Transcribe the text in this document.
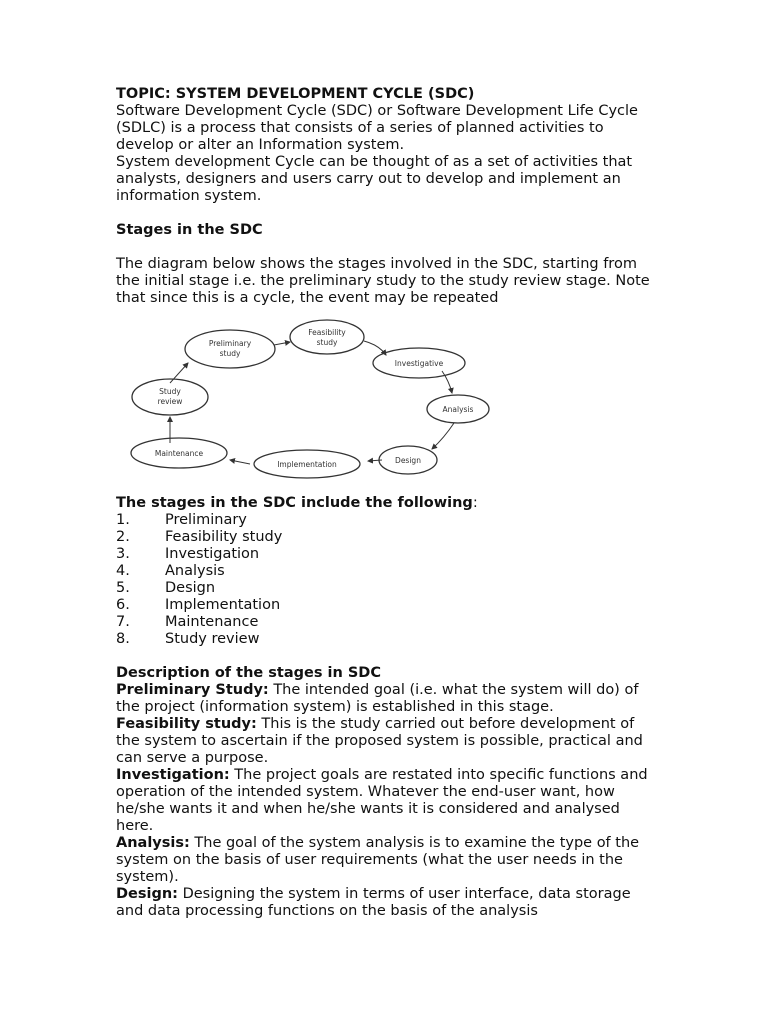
TOPIC: SYSTEM DEVELOPMENT CYCLE (SDC)

Software Development Cycle (SDC) or Software Development Life Cycle (SDLC) is a process that consists of a series of planned activities to develop or alter an Information system.

System development Cycle can be thought of as a set of activities that analysts, designers and users carry out to develop and implement an information system.

Stages in the SDC

The diagram below shows the stages involved in the SDC, starting from the initial stage i.e. the preliminary study to the study review stage. Note that since this is a cycle, the event may be repeated

Preliminary
study
Feasibility
study
Investigative
Analysis
Design
Implementation
Maintenance
Study
review

The stages in the SDC include the following:

1.	Preliminary
2.	Feasibility study
3.	Investigation
4.	Analysis
5.	Design
6.	Implementation
7.	Maintenance
8.	Study review

Description of the stages in SDC

Preliminary Study: The intended goal (i.e. what the system will do) of the project (information system) is established in this stage.

Feasibility study: This is the study carried out before development of the system to ascertain if the proposed system is possible, practical and can serve a purpose.

Investigation: The project goals are restated into specific functions and operation of the intended system. Whatever the end-user want, how he/she wants it and when he/she wants it is considered and analysed here.

Analysis: The goal of the system analysis is to examine the type of the system on the basis of user requirements (what the user needs in the system).

Design: Designing the system in terms of user interface, data storage and data processing functions on the basis of the analysis
